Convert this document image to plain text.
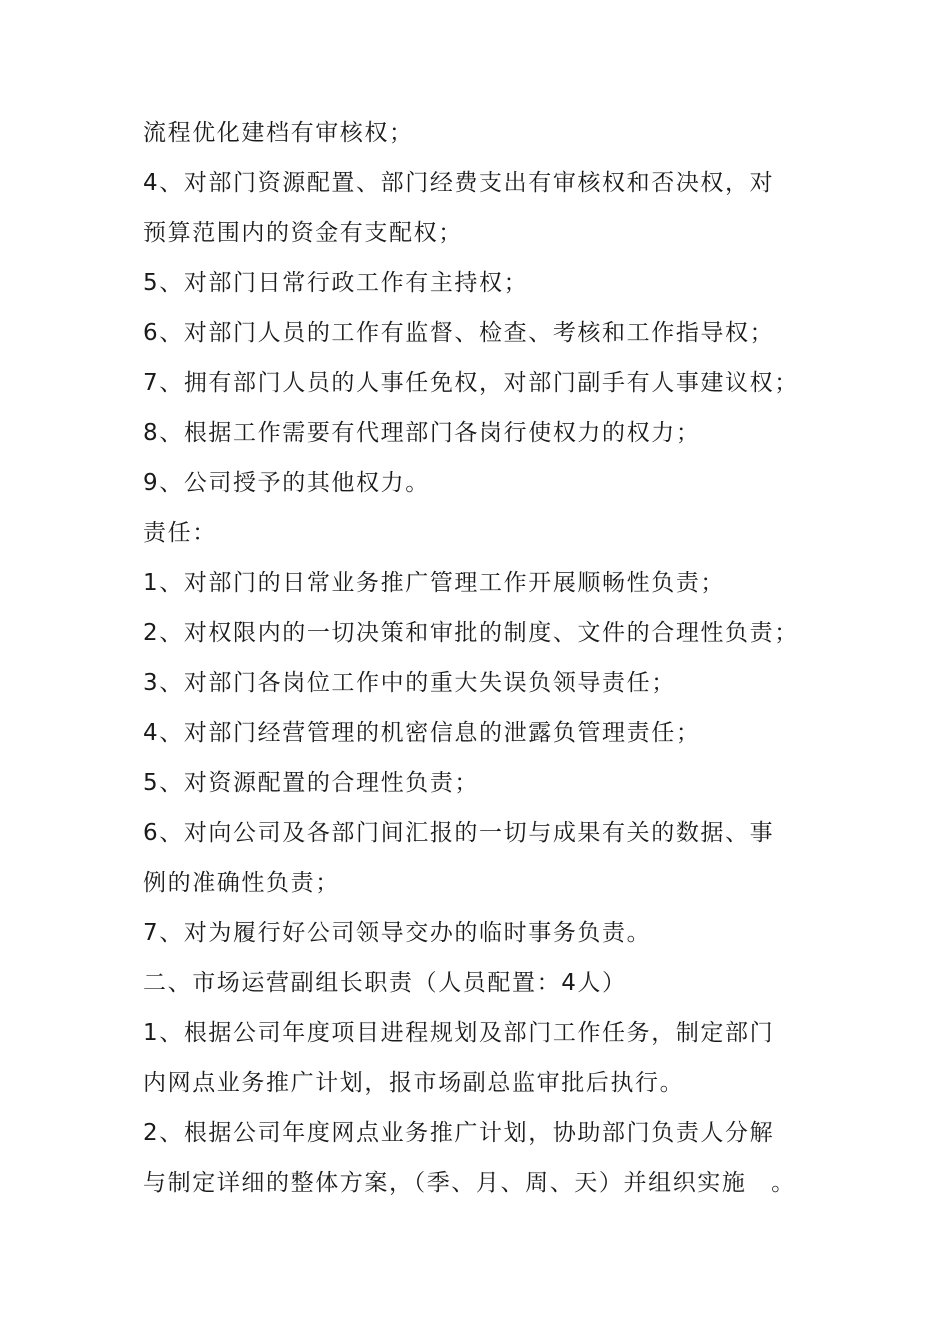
流程优化建档有审核权；
4、对部门资源配置、部门经费支出有审核权和否决权，对
预算范围内的资金有支配权；
5、对部门日常行政工作有主持权；
6、对部门人员的工作有监督、检查、考核和工作指导权；
7、拥有部门人员的人事任免权，对部门副手有人事建议权；
8、根据工作需要有代理部门各岗行使权力的权力；
9、公司授予的其他权力。
责任：
1、对部门的日常业务推广管理工作开展顺畅性负责；
2、对权限内的一切决策和审批的制度、文件的合理性负责；
3、对部门各岗位工作中的重大失误负领导责任；
4、对部门经营管理的机密信息的泄露负管理责任；
5、对资源配置的合理性负责；
6、对向公司及各部门间汇报的一切与成果有关的数据、事
例的准确性负责；
7、对为履行好公司领导交办的临时事务负责。
二、市场运营副组长职责（人员配置：4人）
1、根据公司年度项目进程规划及部门工作任务，制定部门
内网点业务推广计划，报市场副总监审批后执行。
2、根据公司年度网点业务推广计划，协助部门负责人分解
与制定详细的整体方案，（季、月、周、天）并组织实施　。
